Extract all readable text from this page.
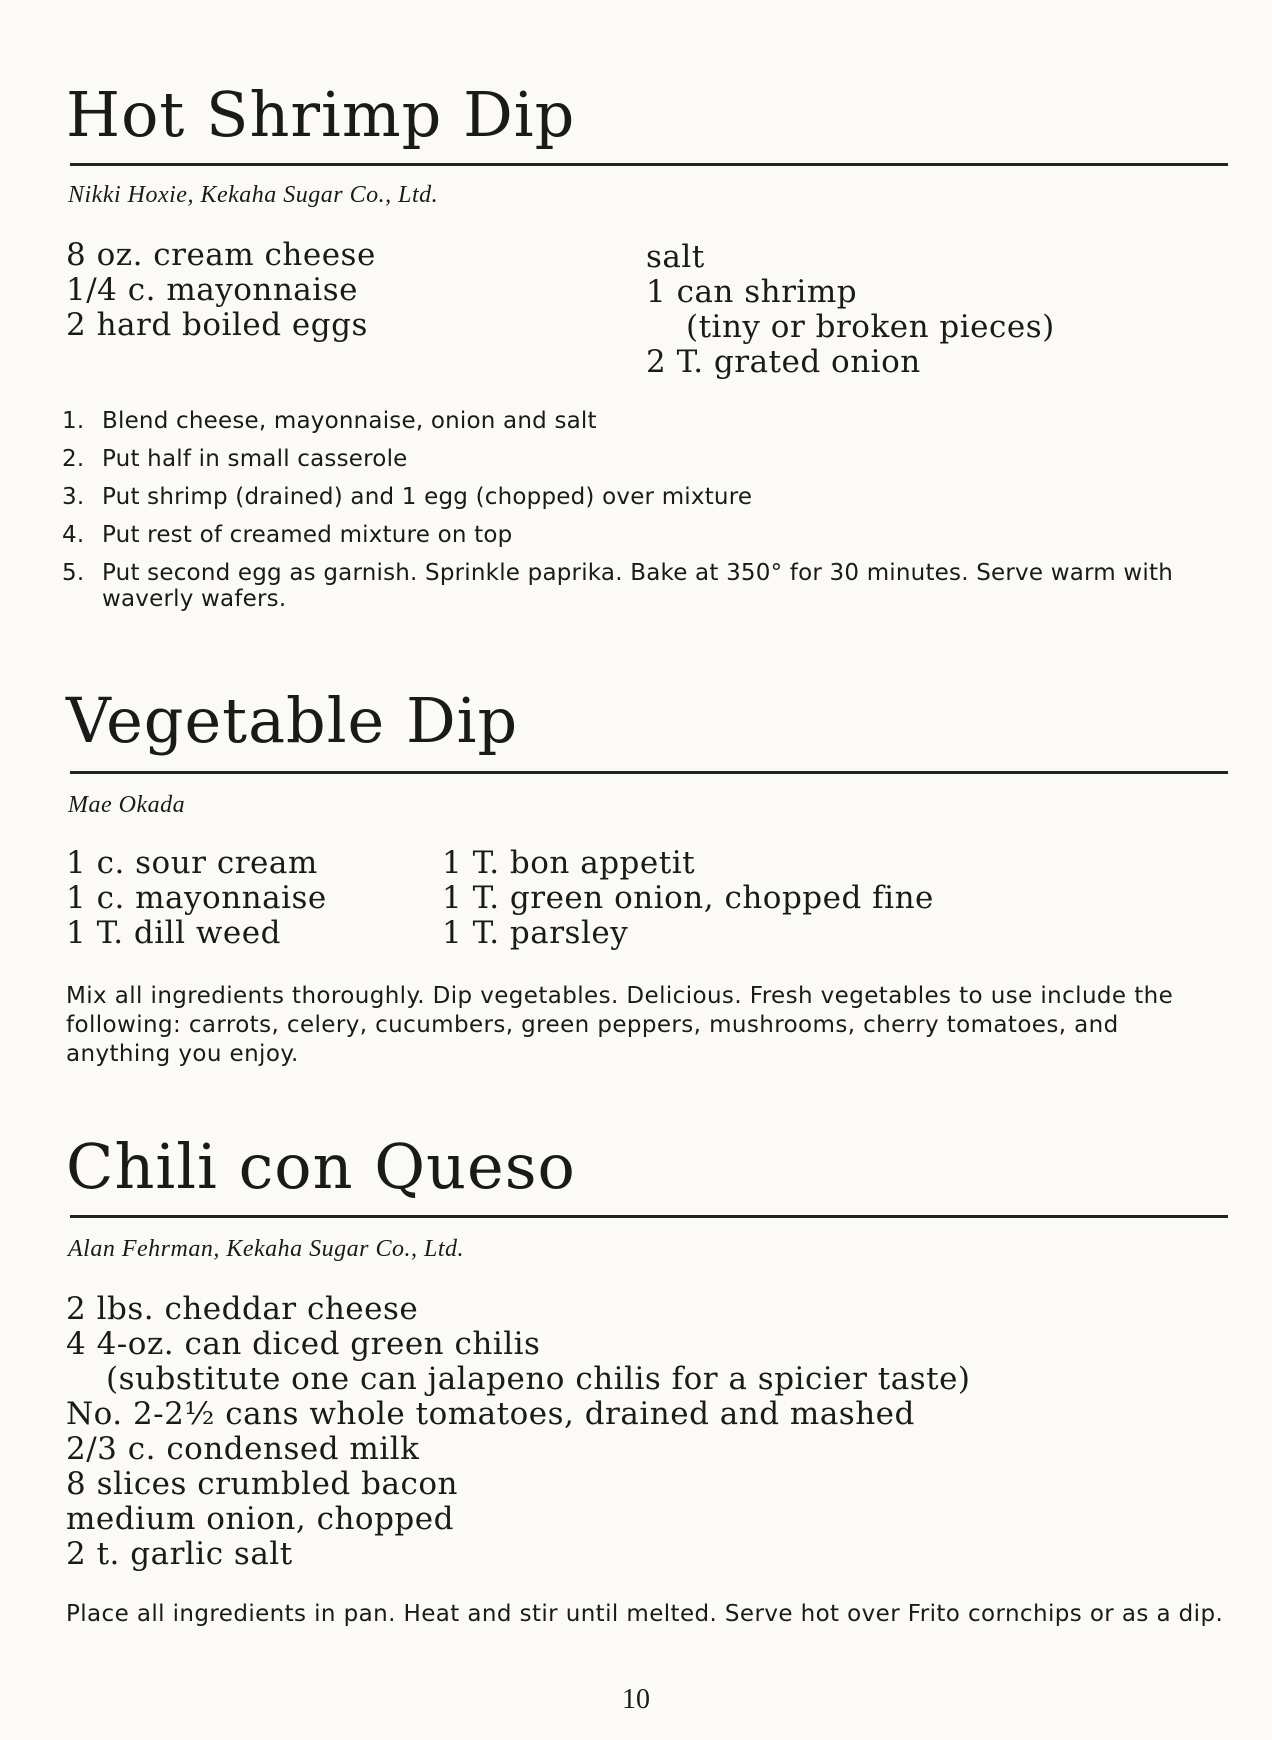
Hot Shrimp Dip
Nikki Hoxie, Kekaha Sugar Co., Ltd.
8 oz. cream cheese
1/4 c. mayonnaise
2 hard boiled eggs
salt
1 can shrimp
(tiny or broken pieces)
2 T. grated onion
1. Blend cheese, mayonnaise, onion and salt
2. Put half in small casserole
3. Put shrimp (drained) and 1 egg (chopped) over mixture
4. Put rest of creamed mixture on top
5. Put second egg as garnish. Sprinkle paprika. Bake at 350° for 30 minutes. Serve warm with waverly wafers.
Vegetable Dip
Mae Okada
1 c. sour cream
1 c. mayonnaise
1 T. dill weed
1 T. bon appetit
1 T. green onion, chopped fine
1 T. parsley

Mix all ingredients thoroughly. Dip vegetables. Delicious. Fresh vegetables to use include the following: carrots, celery, cucumbers, green peppers, mushrooms, cherry tomatoes, and anything you enjoy.

Chili con Queso
Alan Fehrman, Kekaha Sugar Co., Ltd.
2 lbs. cheddar cheese
4 4-oz. can diced green chilis
(substitute one can jalapeno chilis for a spicier taste)
No. 2-2½ cans whole tomatoes, drained and mashed
2/3 c. condensed milk
8 slices crumbled bacon
medium onion, chopped
2 t. garlic salt

Place all ingredients in pan. Heat and stir until melted. Serve hot over Frito cornchips or as a dip.

10
